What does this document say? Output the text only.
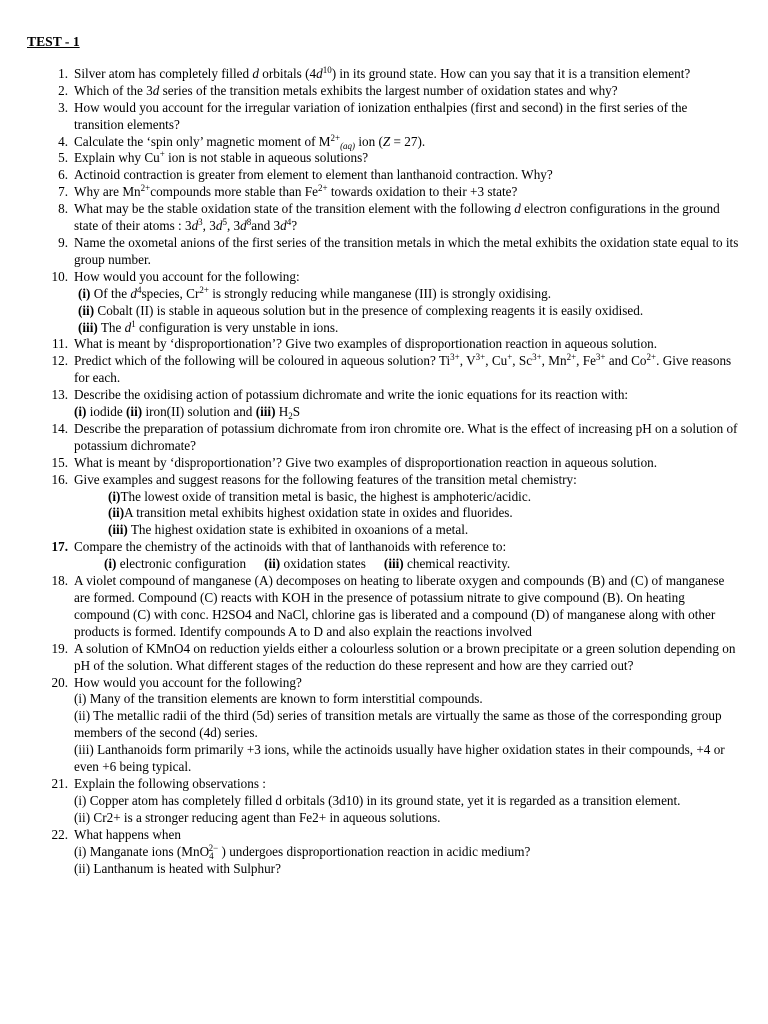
TEST - 1
1. Silver atom has completely filled d orbitals $(4d^{10})$ in its ground state. How can you say that it is a transition element?
2. Which of the 3d series of the transition metals exhibits the largest number of oxidation states and why?
3. How would you account for the irregular variation of ionization enthalpies (first and second) in the first series of the transition elements?
4. Calculate the ‘spin only’ magnetic moment of $M^{2+}_{(aq)}$ ion (Z = 27).
5. Explain why Cu+ ion is not stable in aqueous solutions?
6. Actinoid contraction is greater from element to element than lanthanoid contraction. Why?
7. Why are $Mn^{2+}compounds$ more stable than $Fe^{2+}$ towards oxidation to their +3 state?
8. What may be the stable oxidation state of the transition element with the following d electron configurations in the ground state of their atoms : $3d^3$, $3d^5$, $3d^8and$ $3d^4$?
9. Name the oxometal anions of the first series of the transition metals in which the metal exhibits the oxidation state equal to its group number.
10. How would you account for the following:
(i) Of the $d^4species$, $Cr^{2+}$ is strongly reducing while manganese (III) is strongly oxidising.
(ii) Cobalt (II) is stable in aqueous solution but in the presence of complexing reagents it is easily oxidised.
(iii) The $d^1$ configuration is very unstable in ions.
11. What is meant by ‘disproportionation’? Give two examples of disproportionation reaction in aqueous solution.
12. Predict which of the following will be coloured in aqueous solution? $Ti^{3+}$, $V^{3+}$, Cu+, $Sc^{3+}$, $Mn^{2+}$, $Fe^{3+}$ and $Co^{2+}$. Give reasons for each.
13. Describe the oxidising action of potassium dichromate and write the ionic equations for its reaction with:
(i) iodide (ii) iron(II) solution and (iii) $H_2S$
14. Describe the preparation of potassium dichromate from iron chromite ore. What is the effect of increasing pH on a solution of potassium dichromate?
15. What is meant by ‘disproportionation’? Give two examples of disproportionation reaction in aqueous solution.
16. Give examples and suggest reasons for the following features of the transition metal chemistry:
(i)The lowest oxide of transition metal is basic, the highest is amphoteric/acidic.
(ii)A transition metal exhibits highest oxidation state in oxides and fluorides.
(iii) The highest oxidation state is exhibited in oxoanions of a metal.
17. Compare the chemistry of the actinoids with that of lanthanoids with reference to:
(i) electronic configuration (ii) oxidation states (iii) chemical reactivity.
18. A violet compound of manganese (A) decomposes on heating to liberate oxygen and compounds (B) and (C) of manganese are formed. Compound (C) reacts with KOH in the presence of potassium nitrate to give compound (B). On heating compound (C) with conc. H2SO4 and NaCl, chlorine gas is liberated and a compound (D) of manganese along with other products is formed. Identify compounds A to D and also explain the reactions involved
19. A solution of KMnO4 on reduction yields either a colourless solution or a brown precipitate or a green solution depending on pH of the solution. What different stages of the reduction do these represent and how are they carried out?
20. How would you account for the following?
(i) Many of the transition elements are known to form interstitial compounds.
(ii) The metallic radii of the third (5d) series of transition metals are virtually the same as those of the corresponding group members of the second (4d) series.
(iii) Lanthanoids form primarily +3 ions, while the actinoids usually have higher oxidation states in their compounds, +4 or even +6 being typical.
21. Explain the following observations :
(i) Copper atom has completely filled d orbitals (3d10) in its ground state, yet it is regarded as a transition element.
(ii) Cr2+ is a stronger reducing agent than Fe2+ in aqueous solutions.
22. What happens when
(i) Manganate ions (MnO$_4^{2-}$ ) undergoes disproportionation reaction in acidic medium?
(ii) Lanthanum is heated with Sulphur?
